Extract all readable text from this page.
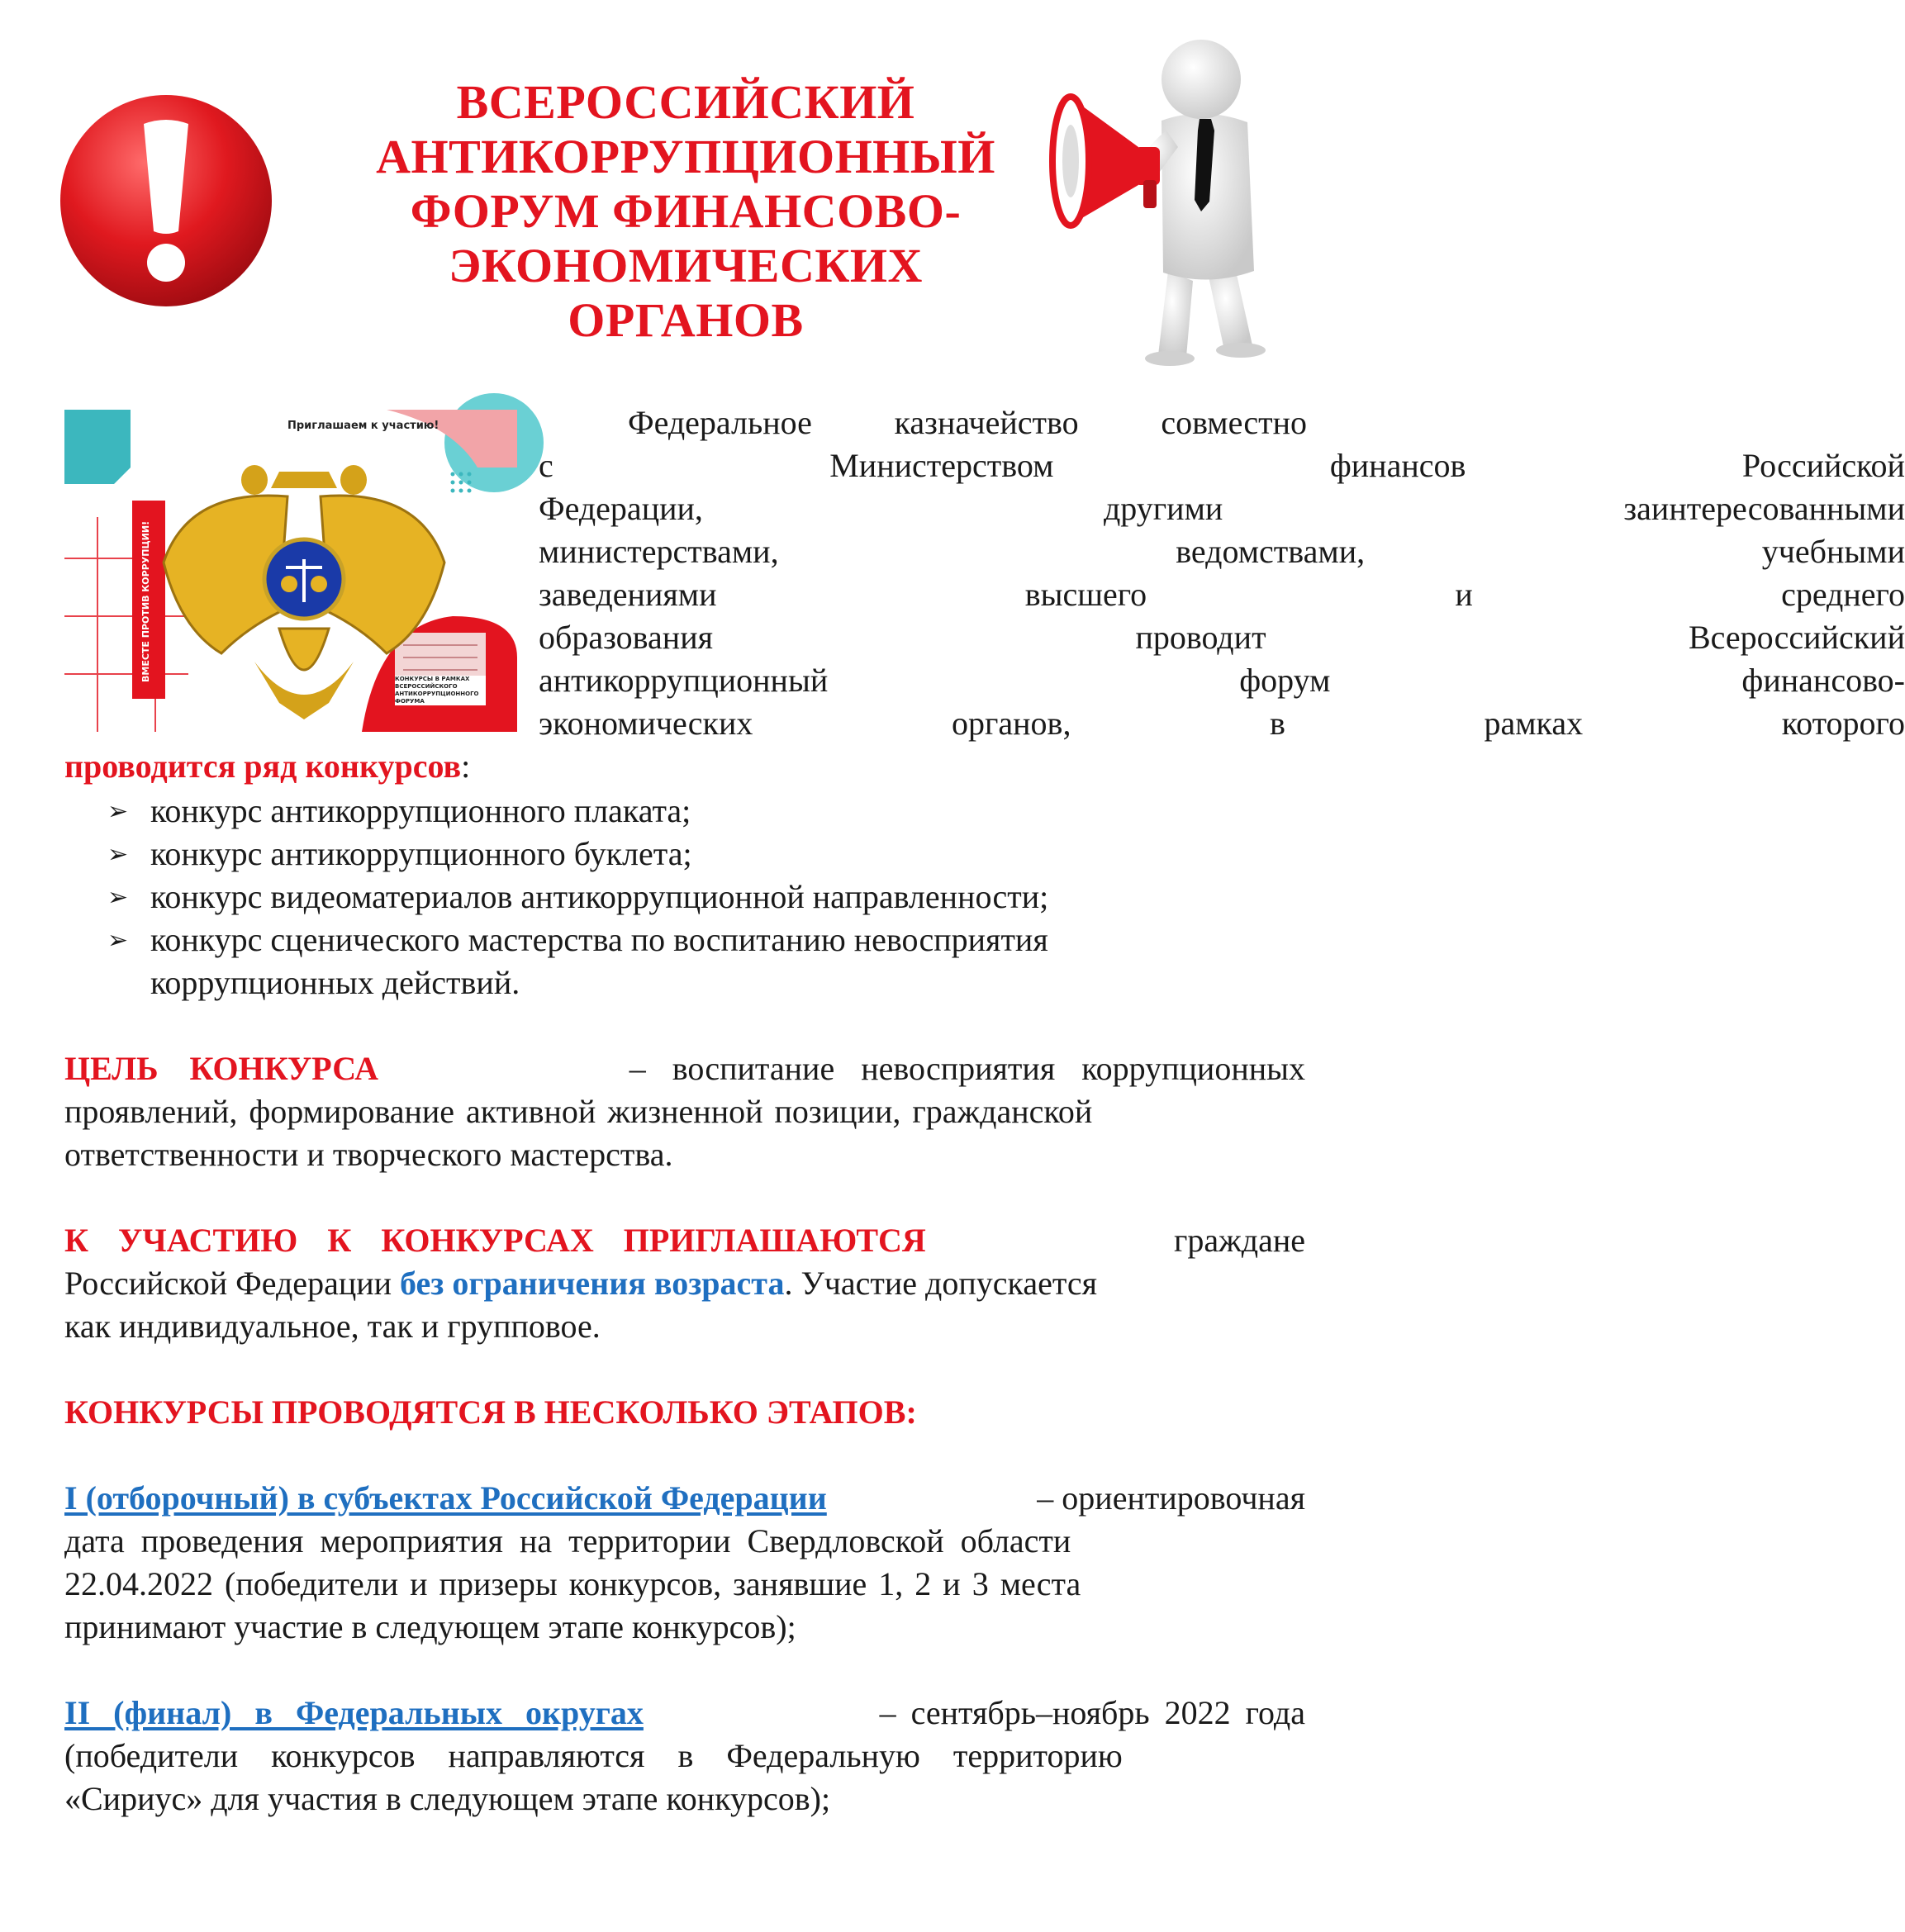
ВСЕРОССИЙСКИЙ
АНТИКОРРУПЦИОННЫЙ
ФОРУМ ФИНАНСОВО-
ЭКОНОМИЧЕСКИХ
ОРГАНОВ
Приглашаем к участию!
ВМЕСТЕ ПРОТИВ КОРРУПЦИИ!	КОНКУРСЫ В РАМКАХ ВСЕРОССИЙСКОГО АНТИКОРРУПЦИОННОГО ФОРУМА
Федеральное казначейство совместно
с	Министерством	финансов	Российской
Федерации,	другими	заинтересованными
министерствами,	ведомствами,	учебными
заведениями	высшего	и	среднего
образования	проводит	Всероссийский
антикоррупционный	форум	финансово-
экономических	органов,	в	рамках	которого
проводится ряд конкурсов:
➢ конкурс антикоррупционного плаката;
➢ конкурс антикоррупционного буклета;
➢ конкурс видеоматериалов антикоррупционной направленности;
➢ конкурс сценического мастерства по воспитанию невосприятия
коррупционных действий.
ЦЕЛЬ КОНКУРСА	– воспитание невосприятия коррупционных
проявлений, формирование активной жизненной позиции, гражданской
ответственности и творческого мастерства.
К УЧАСТИЮ К КОНКУРСАХ ПРИГЛАШАЮТСЯ	граждане
Российской Федерации без ограничения возраста. Участие допускается
как индивидуальное, так и групповое.
КОНКУРСЫ ПРОВОДЯТСЯ В НЕСКОЛЬКО ЭТАПОВ:
I (отборочный) в субъектах Российской Федерации	– ориентировочная
дата проведения мероприятия на территории Свердловской области
22.04.2022 (победители и призеры конкурсов, занявшие 1, 2 и 3 места
принимают участие в следующем этапе конкурсов);
II (финал) в Федеральных округах	– сентябрь–ноябрь 2022 года
(победители конкурсов направляются в Федеральную территорию
«Сириус» для участия в следующем этапе конкурсов);
